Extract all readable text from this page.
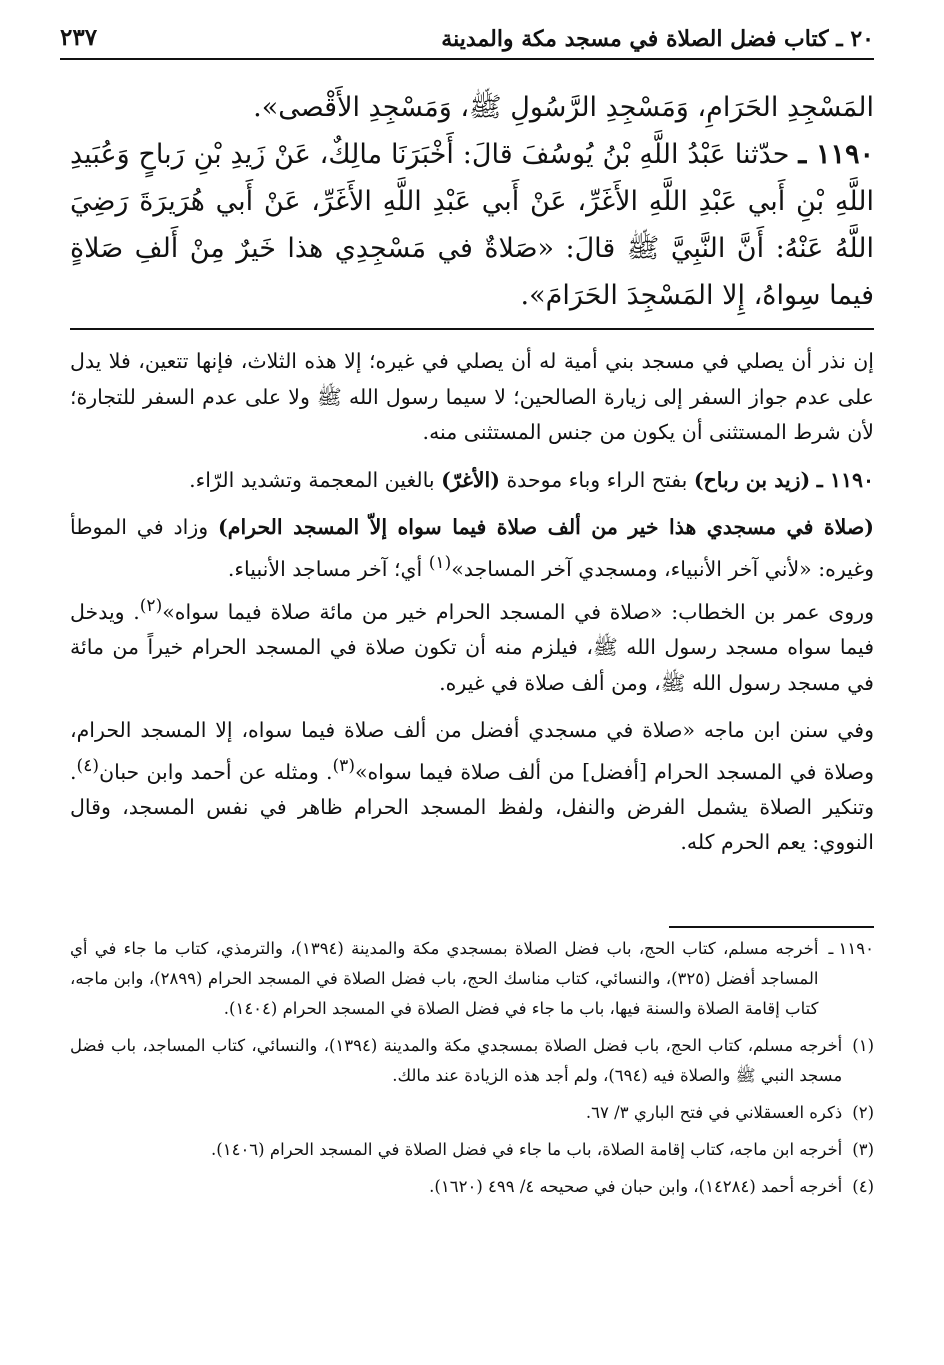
٢٠ ـ كتاب فضل الصلاة في مسجد مكة والمدينة
٢٣٧

المَسْجِدِ الحَرَامِ، وَمَسْجِدِ الرَّسُولِ ﷺ، وَمَسْجِدِ الأَقْصى».

١١٩٠ ـ حدّثنا عَبْدُ اللَّهِ بْنُ يُوسُفَ قالَ: أَخْبَرَنَا مالِكٌ، عَنْ زَيدِ بْنِ رَباحٍ وَعُبَيدِ اللَّهِ بْنِ أَبي عَبْدِ اللَّهِ الأَغَرِّ، عَنْ أَبي عَبْدِ اللَّهِ الأَغَرِّ، عَنْ أَبي هُرَيرَةَ رَضِيَ اللَّهُ عَنْهُ: أَنَّ النَّبِيَّ ﷺ قالَ: «صَلاةٌ في مَسْجِدِي هذا خَيرٌ مِنْ أَلفِ صَلاةٍ فيما سِواهُ، إِلا المَسْجِدَ الحَرَامَ».

إن نذر أن يصلي في مسجد بني أمية له أن يصلي في غيره؛ إلا هذه الثلاث، فإنها تتعين، فلا يدل على عدم جواز السفر إلى زيارة الصالحين؛ لا سيما رسول الله ﷺ ولا على عدم السفر للتجارة؛ لأن شرط المستثنى أن يكون من جنس المستثنى منه.

١١٩٠ ـ (زيد بن رباح) بفتح الراء وباء موحدة (الأغرّ) بالغين المعجمة وتشديد الرّاء.

(صلاة في مسجدي هذا خير من ألف صلاة فيما سواه إلاّ المسجد الحرام) وزاد في الموطأ وغيره: «لأني آخر الأنبياء، ومسجدي آخر المساجد»$^{(١)}$ أي؛ آخر مساجد الأنبياء.

وروى عمر بن الخطاب: «صلاة في المسجد الحرام خير من مائة صلاة فيما سواه»$^{(٢)}$. ويدخل فيما سواه مسجد رسول الله ﷺ، فيلزم منه أن تكون صلاة في المسجد الحرام خيراً من مائة في مسجد رسول الله ﷺ، ومن ألف صلاة في غيره.

وفي سنن ابن ماجه «صلاة في مسجدي أفضل من ألف صلاة فيما سواه، إلا المسجد الحرام، وصلاة في المسجد الحرام [أفضل] من ألف صلاة فيما سواه»$^{(٣)}$. ومثله عن أحمد وابن حبان$^{(٤)}$. وتنكير الصلاة يشمل الفرض والنفل، ولفظ المسجد الحرام ظاهر في نفس المسجد، وقال النووي: يعم الحرم كله.

١١٩٠ ـ
أخرجه مسلم، كتاب الحج، باب فضل الصلاة بمسجدي مكة والمدينة (١٣٩٤)، والترمذي، كتاب ما جاء في أي المساجد أفضل (٣٢٥)، والنسائي، كتاب مناسك الحج، باب فضل الصلاة في المسجد الحرام (٢٨٩٩)، وابن ماجه، كتاب إقامة الصلاة والسنة فيها، باب ما جاء في فضل الصلاة في المسجد الحرام (١٤٠٤).
(١)
أخرجه مسلم، كتاب الحج، باب فضل الصلاة بمسجدي مكة والمدينة (١٣٩٤)، والنسائي، كتاب المساجد، باب فضل مسجد النبي ﷺ والصلاة فيه (٦٩٤)، ولم أجد هذه الزيادة عند مالك.
(٢)
ذكره العسقلاني في فتح الباري ٣/ ٦٧.
(٣)
أخرجه ابن ماجه، كتاب إقامة الصلاة، باب ما جاء في فضل الصلاة في المسجد الحرام (١٤٠٦).
(٤)
أخرجه أحمد (١٤٢٨٤)، وابن حبان في صحيحه ٤/ ٤٩٩ (١٦٢٠).
